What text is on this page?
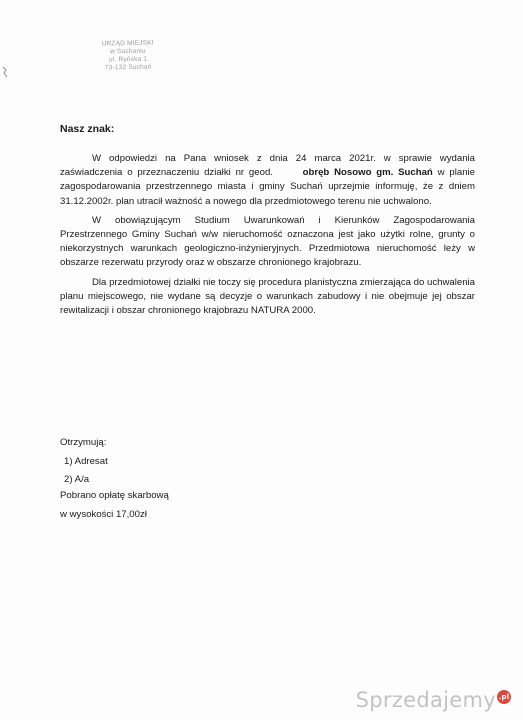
URZĄD MIEJSKI
w Suchaniu
ul. Ryńska 1
73-132 Suchań
Nasz znak:

W odpowiedzi na Pana wniosek z dnia 24 marca 2021r. w sprawie wydania zaświadczenia o przeznaczeniu działki nr geod.	obręb Nosowo gm. Suchań w planie zagospodarowania przestrzennego miasta i gminy Suchań uprzejmie informuję, że z dniem 31.12.2002r. plan utracił ważność a nowego dla przedmiotowego terenu nie uchwalono.

W obowiązującym Studium Uwarunkowań i Kierunków Zagospodarowania Przestrzennego Gminy Suchań w/w nieruchomość oznaczona jest jako użytki rolne, grunty o niekorzystnych warunkach geologiczno-inżynieryjnych. Przedmiotowa nieruchomość leży w obszarze rezerwatu przyrody oraz w obszarze chronionego krajobrazu.

Dla przedmiotowej działki nie toczy się procedura planistyczna zmierzająca do uchwalenia planu miejscowego, nie wydane są decyzje o warunkach zabudowy i nie obejmuje jej obszar rewitalizacji i obszar chronionego krajobrazu NATURA 2000.

Otrzymują:
1) Adresat
2) A/a
Pobrano opłatę skarbową
w wysokości 17,00zł
Sprzedajemy .pl
